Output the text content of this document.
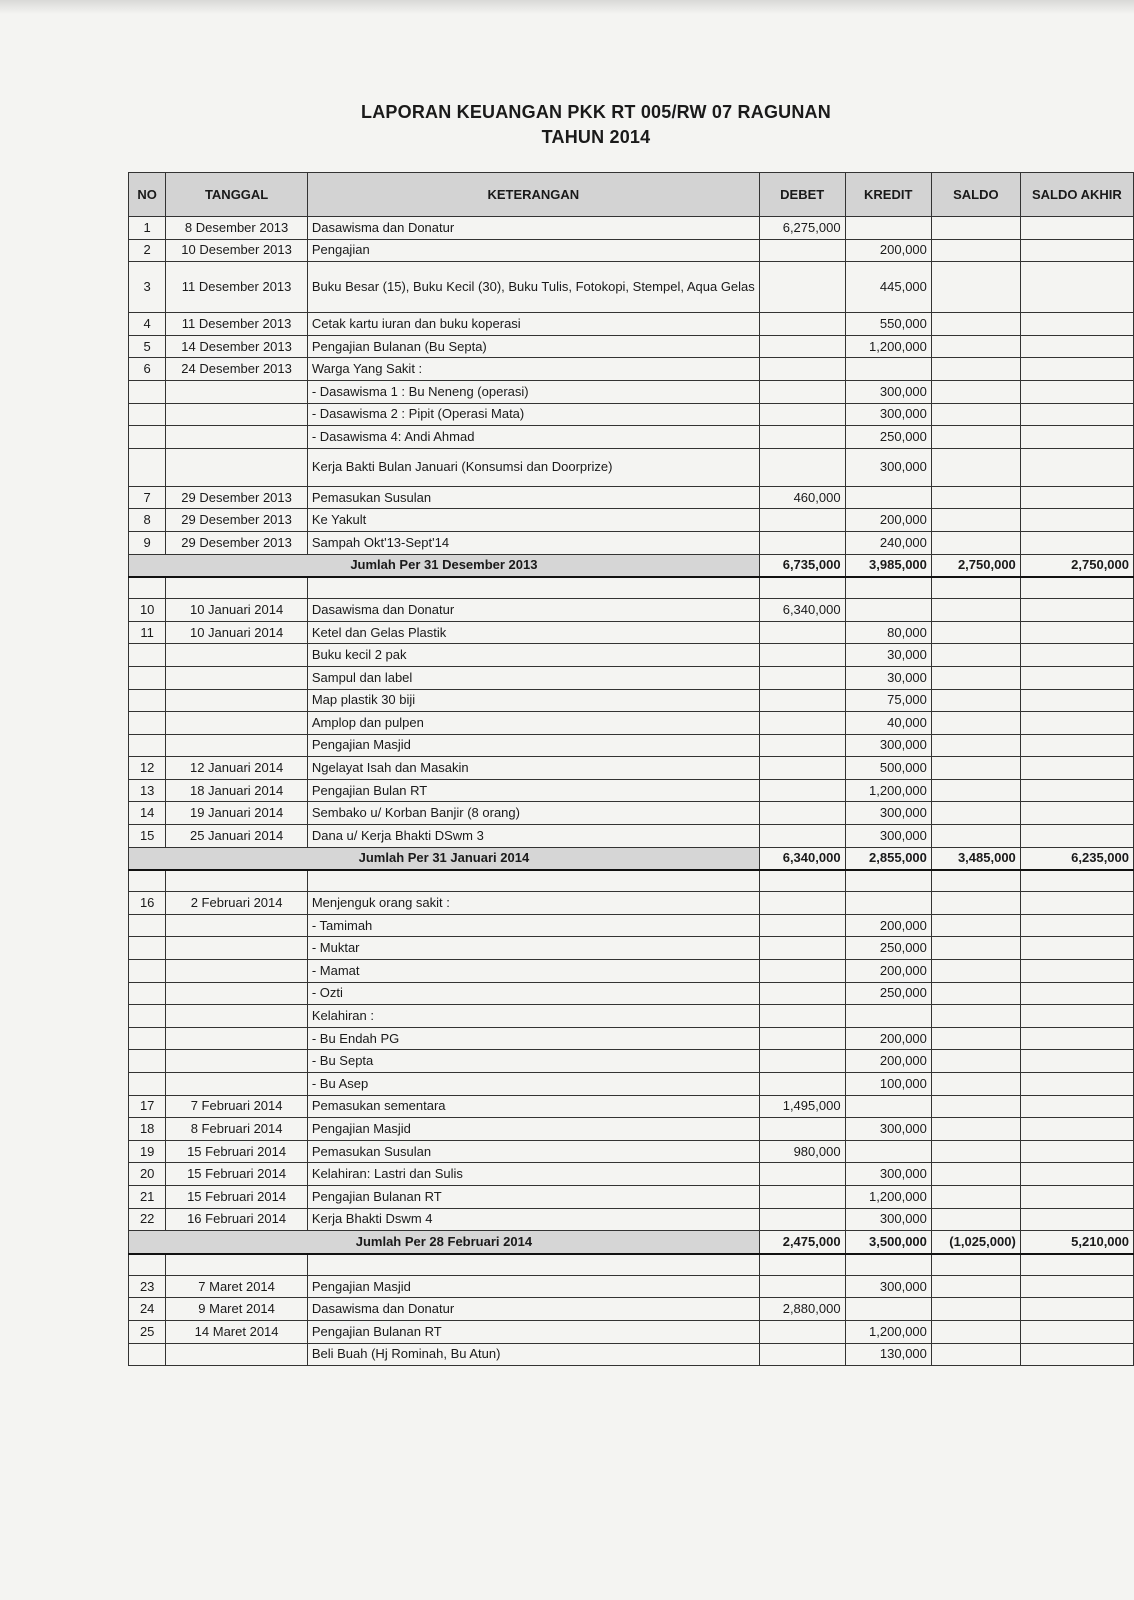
LAPORAN KEUANGAN PKK RT 005/RW 07 RAGUNAN
TAHUN 2014
NO	TANGGAL	KETERANGAN	DEBET	KREDIT	SALDO	SALDO AKHIR
1	8 Desember 2013	Dasawisma dan Donatur	6,275,000			
2	10 Desember 2013	Pengajian		200,000		
3	11 Desember 2013	Buku Besar (15), Buku Kecil (30), Buku Tulis, Fotokopi, Stempel, Aqua Gelas		445,000		
4	11 Desember 2013	Cetak kartu iuran dan buku koperasi		550,000		
5	14 Desember 2013	Pengajian Bulanan (Bu Septa)		1,200,000		
6	24 Desember 2013	Warga Yang Sakit :				
		- Dasawisma 1 : Bu Neneng (operasi)		300,000		
		- Dasawisma 2 : Pipit (Operasi Mata)		300,000		
		- Dasawisma 4: Andi Ahmad		250,000		
		Kerja Bakti Bulan Januari (Konsumsi dan Doorprize)		300,000		
7	29 Desember 2013	Pemasukan Susulan	460,000			
8	29 Desember 2013	Ke Yakult		200,000		
9	29 Desember 2013	Sampah Okt'13-Sept'14		240,000		
Jumlah Per 31 Desember 2013			6,735,000	3,985,000	2,750,000	2,750,000

10	10 Januari 2014	Dasawisma dan Donatur	6,340,000			
11	10 Januari 2014	Ketel dan Gelas Plastik		80,000		
		Buku kecil 2 pak		30,000		
		Sampul dan label		30,000		
		Map plastik 30 biji		75,000		
		Amplop dan pulpen		40,000		
		Pengajian Masjid		300,000		
12	12 Januari 2014	Ngelayat Isah dan Masakin		500,000		
13	18 Januari 2014	Pengajian Bulan RT		1,200,000		
14	19 Januari 2014	Sembako u/ Korban Banjir (8 orang)		300,000		
15	25 Januari 2014	Dana u/ Kerja Bhakti DSwm 3		300,000		
Jumlah Per 31 Januari 2014			6,340,000	2,855,000	3,485,000	6,235,000

16	2 Februari 2014	Menjenguk orang sakit :				
		- Tamimah		200,000		
		- Muktar		250,000		
		- Mamat		200,000		
		- Ozti		250,000		
		Kelahiran :				
		- Bu Endah PG		200,000		
		- Bu Septa		200,000		
		- Bu Asep		100,000		
17	7 Februari 2014	Pemasukan sementara	1,495,000			
18	8 Februari 2014	Pengajian Masjid		300,000		
19	15 Februari 2014	Pemasukan Susulan	980,000			
20	15 Februari 2014	Kelahiran: Lastri dan Sulis		300,000		
21	15 Februari 2014	Pengajian Bulanan RT		1,200,000		
22	16 Februari 2014	Kerja Bhakti Dswm 4		300,000		
Jumlah Per 28 Februari 2014			2,475,000	3,500,000	(1,025,000)	5,210,000

23	7 Maret 2014	Pengajian Masjid		300,000		
24	9 Maret 2014	Dasawisma dan Donatur	2,880,000			
25	14 Maret 2014	Pengajian Bulanan RT		1,200,000		
		Beli Buah (Hj Rominah, Bu Atun)		130,000		
